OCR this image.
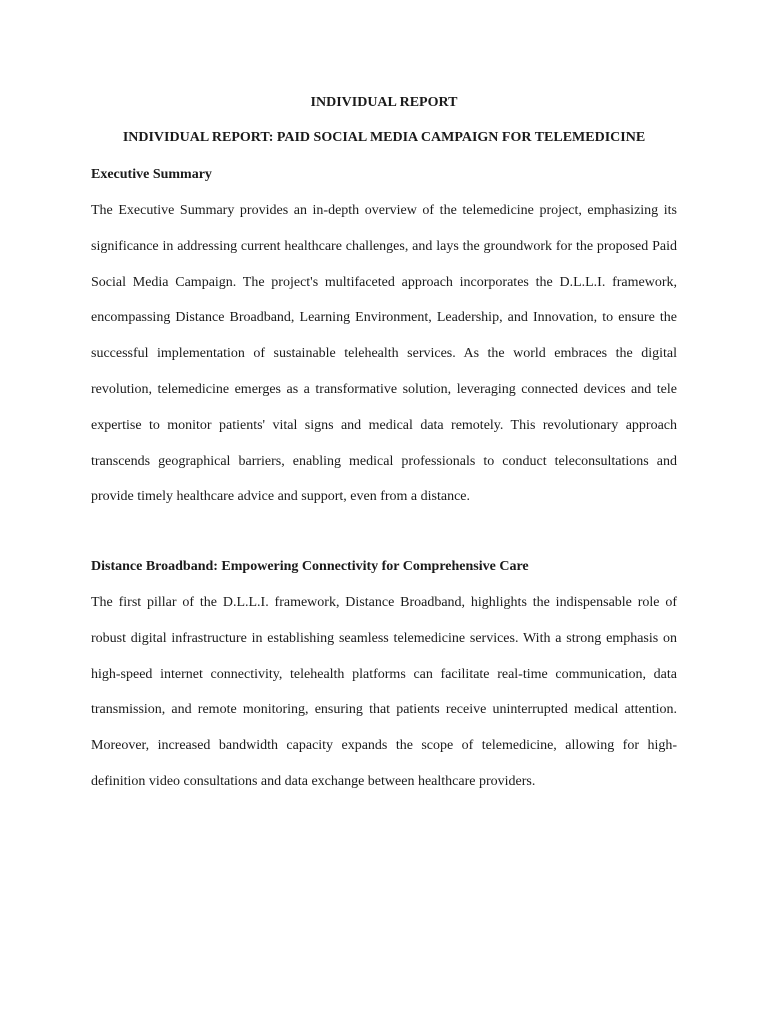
INDIVIDUAL REPORT
INDIVIDUAL REPORT: PAID SOCIAL MEDIA CAMPAIGN FOR TELEMEDICINE
Executive Summary

The Executive Summary provides an in-depth overview of the telemedicine project, emphasizing its significance in addressing current healthcare challenges, and lays the groundwork for the proposed Paid Social Media Campaign. The project's multifaceted approach incorporates the D.L.L.I. framework, encompassing Distance Broadband, Learning Environment, Leadership, and Innovation, to ensure the successful implementation of sustainable telehealth services. As the world embraces the digital revolution, telemedicine emerges as a transformative solution, leveraging connected devices and tele expertise to monitor patients' vital signs and medical data remotely. This revolutionary approach transcends geographical barriers, enabling medical professionals to conduct teleconsultations and provide timely healthcare advice and support, even from a distance.

Distance Broadband: Empowering Connectivity for Comprehensive Care

The first pillar of the D.L.L.I. framework, Distance Broadband, highlights the indispensable role of robust digital infrastructure in establishing seamless telemedicine services. With a strong emphasis on high-speed internet connectivity, telehealth platforms can facilitate real-time communication, data transmission, and remote monitoring, ensuring that patients receive uninterrupted medical attention. Moreover, increased bandwidth capacity expands the scope of telemedicine, allowing for high-definition video consultations and data exchange between healthcare providers.
